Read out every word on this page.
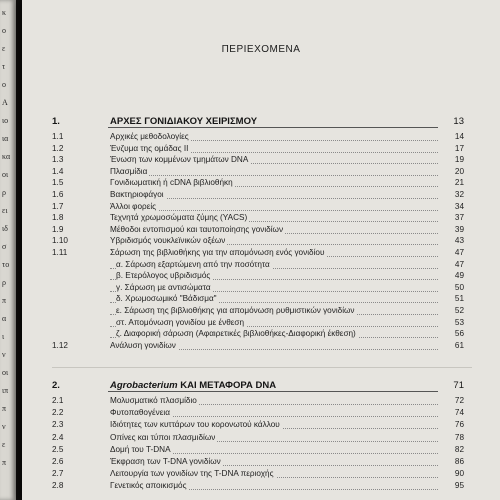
κ
ο
ε
τ
ο
Α
ιο
ια
κα
οι
ρ
ει
ιδ
σ
το
ρ
π
α
ι
ν
οι
ιπ
π
ν
ε
π
ΠΕΡΙΕΧΟΜΕΝΑ
1.	ΑΡΧΕΣ ΓΟΝΙΔΙΑΚΟΥ ΧΕΙΡΙΣΜΟΥ	13
1.1	Αρχικές μεθοδολογίες	14
1.2	Ένζυμα της ομάδας II	17
1.3	Ένωση των κομμένων τμημάτων DNA	19
1.4	Πλασμίδια	20
1.5	Γονιδιωματική ή cDNA βιβλιοθήκη	21
1.6	Βακτηριοφάγοι	32
1.7	Άλλοι φορείς	34
1.8	Τεχνητά χρωμοσώματα ζύμης (YACS)	37
1.9	Μέθοδοι εντοπισμού και ταυτοποίησης γονιδίων	39
1.10	Υβριδισμός νουκλεϊνικών οξέων	43
1.11	Σάρωση της βιβλιοθήκης για την απομόνωση ενός γονιδίου	47
α. Σάρωση εξαρτώμενη από την ποσότητα	47
β. Ετερόλογος υβριδισμός	49
γ. Σάρωση με αντισώματα	50
δ. Χρωμοσωμικό "Βάδισμα"	51
ε. Σάρωση της βιβλιοθήκης για απομόνωση ρυθμιστικών γονιδίων	52
στ. Απομόνωση γονιδίου με ένθεση	53
ζ. Διαφορική σάρωση (Αφαιρετικές βιβλιοθήκες-Διαφορική έκθεση)	56
1.12	Ανάλυση γονιδίων	61
2.	Agrobacterium ΚΑΙ ΜΕΤΑΦΟΡΑ DNA	71
2.1	Μολυσματικό πλασμίδιο	72
2.2	Φυτοπαθογένεια	74
2.3	Ιδιότητες των κυττάρων του κορονωτού κάλλου	76
2.4	Οπίνες και τύποι πλασμιδίων	78
2.5	Δομή του T-DNA	82
2.6	Έκφραση των T-DNA γονιδίων	86
2.7	Λειτουργία των γονιδίων της T-DNA περιοχής	90
2.8	Γενετικός αποικισμός	95
